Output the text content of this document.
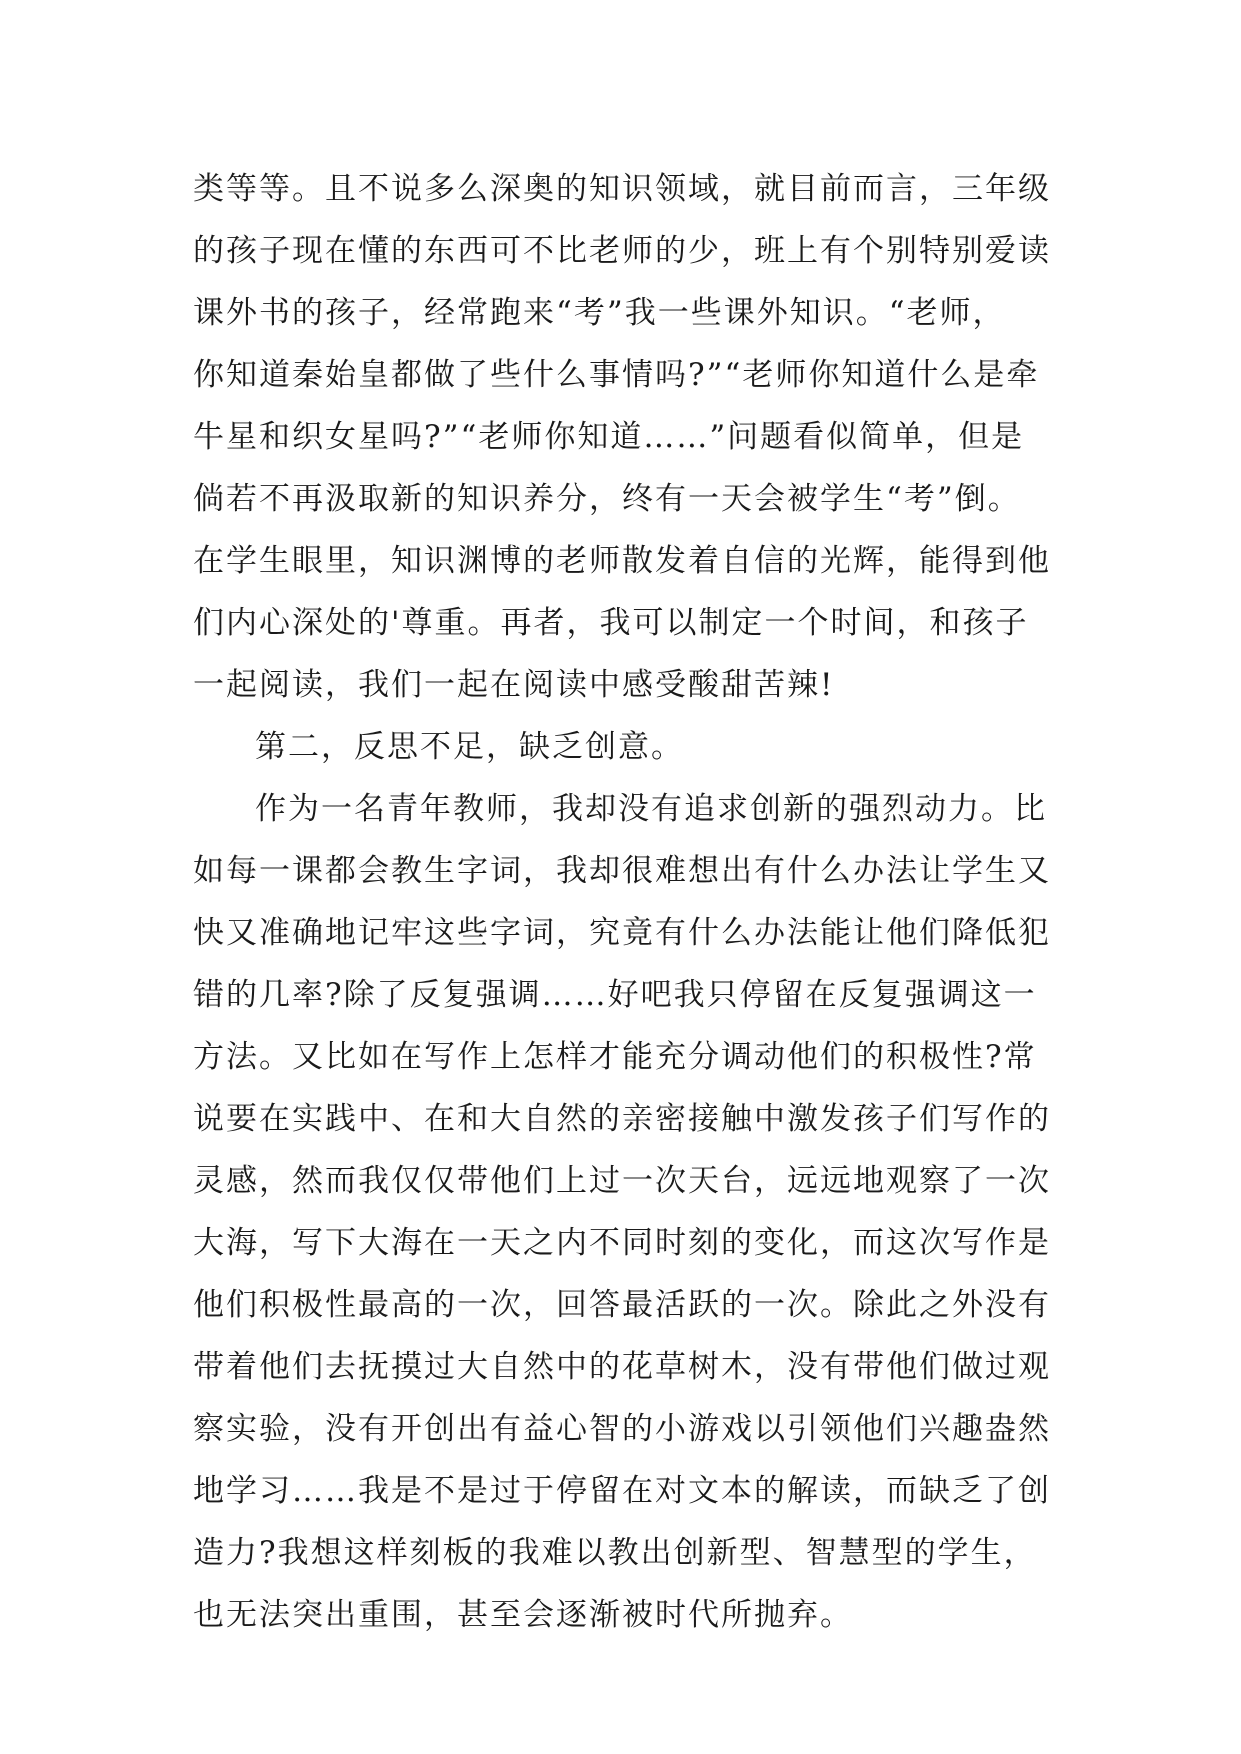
类等等。且不说多么深奥的知识领域，就目前而言，三年级
的孩子现在懂的东西可不比老师的少，班上有个别特别爱读
课外书的孩子，经常跑来“考”我一些课外知识。“老师，
你知道秦始皇都做了些什么事情吗?”“老师你知道什么是牵
牛星和织女星吗?”“老师你知道……”问题看似简单，但是
倘若不再汲取新的知识养分，终有一天会被学生“考”倒。
在学生眼里，知识渊博的老师散发着自信的光辉，能得到他
们内心深处的'尊重。再者，我可以制定一个时间，和孩子
一起阅读，我们一起在阅读中感受酸甜苦辣!
第二，反思不足，缺乏创意。
作为一名青年教师，我却没有追求创新的强烈动力。比
如每一课都会教生字词，我却很难想出有什么办法让学生又
快又准确地记牢这些字词，究竟有什么办法能让他们降低犯
错的几率?除了反复强调……好吧我只停留在反复强调这一
方法。又比如在写作上怎样才能充分调动他们的积极性?常
说要在实践中、在和大自然的亲密接触中激发孩子们写作的
灵感，然而我仅仅带他们上过一次天台，远远地观察了一次
大海，写下大海在一天之内不同时刻的变化，而这次写作是
他们积极性最高的一次，回答最活跃的一次。除此之外没有
带着他们去抚摸过大自然中的花草树木，没有带他们做过观
察实验，没有开创出有益心智的小游戏以引领他们兴趣盎然
地学习……我是不是过于停留在对文本的解读，而缺乏了创
造力?我想这样刻板的我难以教出创新型、智慧型的学生，
也无法突出重围，甚至会逐渐被时代所抛弃。
